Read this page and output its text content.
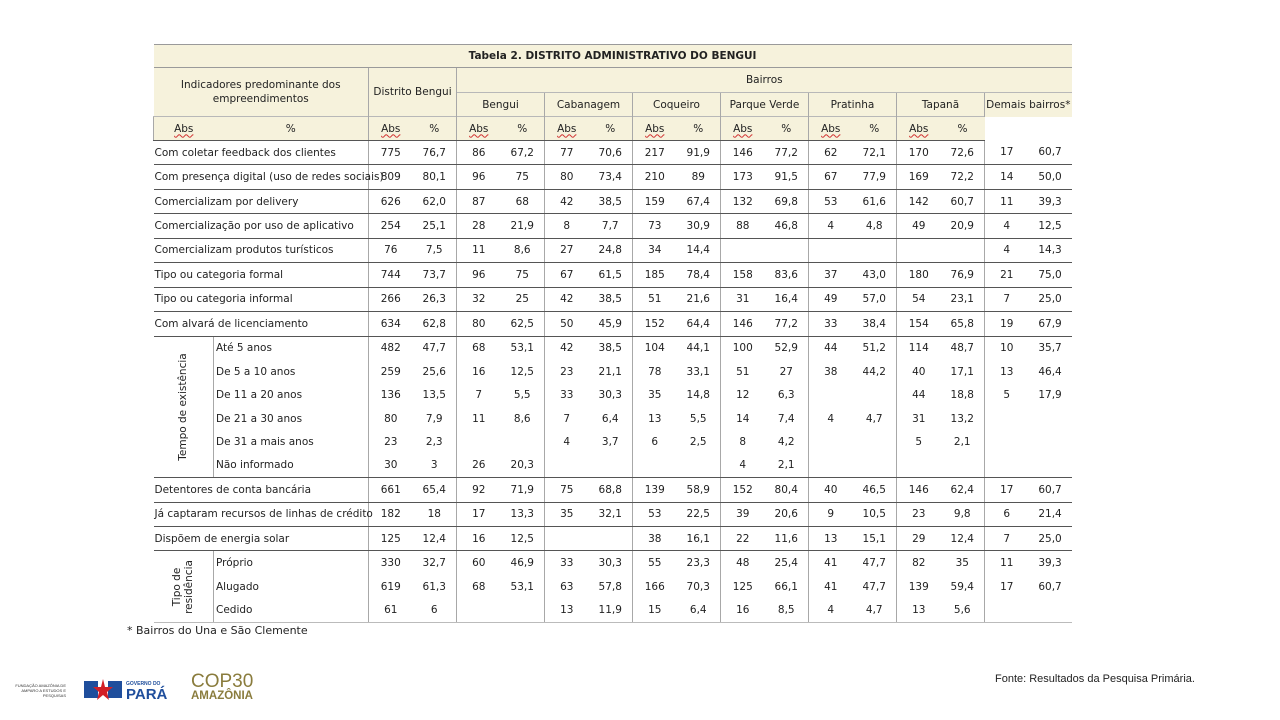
Tabela 2. DISTRITO ADMINISTRATIVO DO BENGUI																	
Indicadores predominante dos empreendimentos		Distrito Bengui		Bairros													
				Bengui		Cabanagem		Coqueiro		Parque Verde		Pratinha		Tapanã		Demais bairros*	
Abs	%	Abs	%	Abs	%	Abs	%	Abs	%	Abs	%	Abs	%	Abs	%		
Com coletar feedback dos clientes		775	76,7	86	67,2	77	70,6	217	91,9	146	77,2	62	72,1	170	72,6	17	60,7
Com presença digital (uso de redes sociais)		809	80,1	96	75	80	73,4	210	89	173	91,5	67	77,9	169	72,2	14	50,0
Comercializam por delivery		626	62,0	87	68	42	38,5	159	67,4	132	69,8	53	61,6	142	60,7	11	39,3
Comercialização por uso de aplicativo		254	25,1	28	21,9	8	7,7	73	30,9	88	46,8	4	4,8	49	20,9	4	12,5
Comercializam produtos turísticos		76	7,5	11	8,6	27	24,8	34	14,4							4	14,3
Tipo ou categoria formal		744	73,7	96	75	67	61,5	185	78,4	158	83,6	37	43,0	180	76,9	21	75,0
Tipo ou categoria informal		266	26,3	32	25	42	38,5	51	21,6	31	16,4	49	57,0	54	23,1	7	25,0
Com alvará de licenciamento		634	62,8	80	62,5	50	45,9	152	64,4	146	77,2	33	38,4	154	65,8	19	67,9

Tempo de existência	Até 5 anos	482	47,7	68	53,1	42	38,5	104	44,1	100	52,9	44	51,2	114	48,7	10	35,7
	De 5 a 10 anos	259	25,6	16	12,5	23	21,1	78	33,1	51	27	38	44,2	40	17,1	13	46,4
	De 11 a 20 anos	136	13,5	7	5,5	33	30,3	35	14,8	12	6,3			44	18,8	5	17,9
	De 21 a 30 anos	80	7,9	11	8,6	7	6,4	13	5,5	14	7,4	4	4,7	31	13,2		
	De 31 a mais anos	23	2,3			4	3,7	6	2,5	8	4,2			5	2,1		
	Não informado	30	3	26	20,3					4	2,1						
Detentores de conta bancária		661	65,4	92	71,9	75	68,8	139	58,9	152	80,4	40	46,5	146	62,4	17	60,7
Já captaram recursos de linhas de crédito		182	18	17	13,3	35	32,1	53	22,5	39	20,6	9	10,5	23	9,8	6	21,4
Dispõem de energia solar		125	12,4	16	12,5			38	16,1	22	11,6	13	15,1	29	12,4	7	25,0

Tipo de residência	Próprio	330	32,7	60	46,9	33	30,3	55	23,3	48	25,4	41	47,7	82	35	11	39,3
	Alugado	619	61,3	68	53,1	63	57,8	166	70,3	125	66,1	41	47,7	139	59,4	17	60,7
	Cedido	61	6			13	11,9	15	6,4	16	8,5	4	4,7	13	5,6		
* Bairros do Una e São Clemente
Fonte: Resultados da Pesquisa Primária.
FUNDAÇÃO AMAZÔNIA DE
AMPARO A ESTUDOS E
PESQUISAS
GOVERNO DO
PARÁ
COP30
AMAZÔNIA
